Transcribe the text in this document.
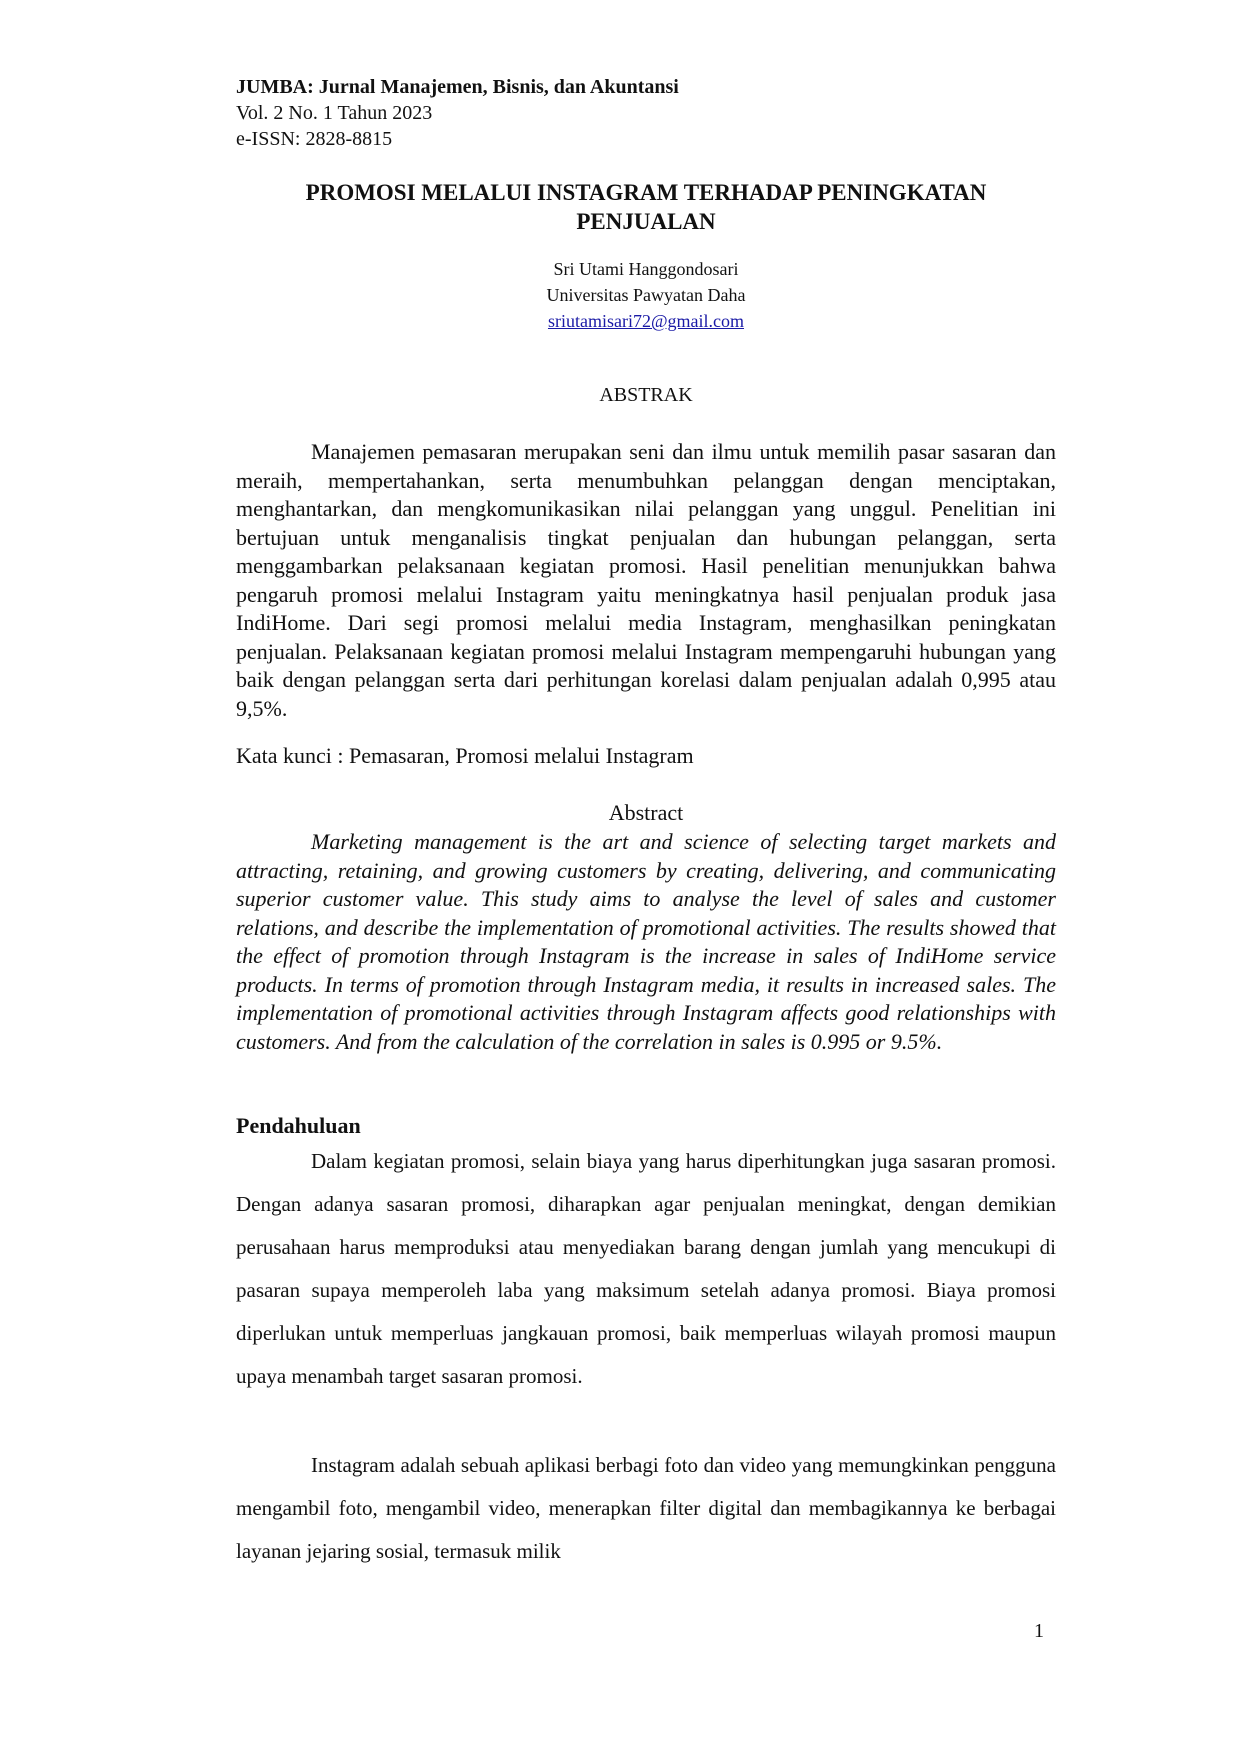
JUMBA: Jurnal Manajemen, Bisnis, dan Akuntansi
Vol. 2 No. 1 Tahun 2023
e-ISSN: 2828-8815
PROMOSI MELALUI INSTAGRAM TERHADAP PENINGKATAN PENJUALAN
Sri Utami Hanggondosari
Universitas Pawyatan Daha
sriutamisari72@gmail.com
ABSTRAK
Manajemen pemasaran merupakan seni dan ilmu untuk memilih pasar sasaran dan meraih, mempertahankan, serta menumbuhkan pelanggan dengan menciptakan, menghantarkan, dan mengkomunikasikan nilai pelanggan yang unggul. Penelitian ini bertujuan untuk menganalisis tingkat penjualan dan hubungan pelanggan, serta menggambarkan pelaksanaan kegiatan promosi. Hasil penelitian menunjukkan bahwa pengaruh promosi melalui Instagram yaitu meningkatnya hasil penjualan produk jasa IndiHome. Dari segi promosi melalui media Instagram, menghasilkan peningkatan penjualan. Pelaksanaan kegiatan promosi melalui Instagram mempengaruhi hubungan yang baik dengan pelanggan serta dari perhitungan korelasi dalam penjualan adalah 0,995 atau 9,5%.
Kata kunci : Pemasaran, Promosi melalui Instagram
Abstract
Marketing management is the art and science of selecting target markets and attracting, retaining, and growing customers by creating, delivering, and communicating superior customer value. This study aims to analyse the level of sales and customer relations, and describe the implementation of promotional activities. The results showed that the effect of promotion through Instagram is the increase in sales of IndiHome service products. In terms of promotion through Instagram media, it results in increased sales. The implementation of promotional activities through Instagram affects good relationships with customers. And from the calculation of the correlation in sales is 0.995 or 9.5%.
Pendahuluan
Dalam kegiatan promosi, selain biaya yang harus diperhitungkan juga sasaran promosi. Dengan adanya sasaran promosi, diharapkan agar penjualan meningkat, dengan demikian perusahaan harus memproduksi atau menyediakan barang dengan jumlah yang mencukupi di pasaran supaya memperoleh laba yang maksimum setelah adanya promosi. Biaya promosi diperlukan untuk memperluas jangkauan promosi, baik memperluas wilayah promosi maupun upaya menambah target sasaran promosi.
Instagram adalah sebuah aplikasi berbagi foto dan video yang memungkinkan pengguna mengambil foto, mengambil video, menerapkan filter digital dan membagikannya ke berbagai layanan jejaring sosial, termasuk milik
1
